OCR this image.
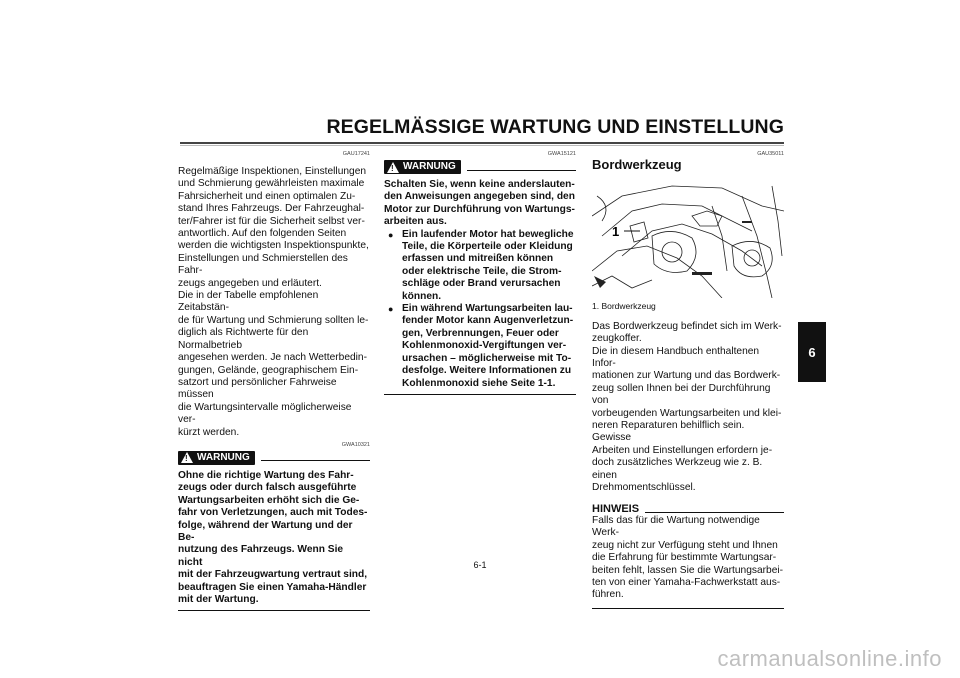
REGELMÄSSIGE WARTUNG UND EINSTELLUNG
GAU17241

Regelmäßige Inspektionen, Einstellungen

und Schmierung gewährleisten maximale

Fahrsicherheit und einen optimalen Zu-

stand Ihres Fahrzeugs. Der Fahrzeughal-

ter/Fahrer ist für die Sicherheit selbst ver-

antwortlich. Auf den folgenden Seiten

werden die wichtigsten Inspektionspunkte,

Einstellungen und Schmierstellen des Fahr-

zeugs angegeben und erläutert.

Die in der Tabelle empfohlenen Zeitabstän-

de für Wartung und Schmierung sollten le-

diglich als Richtwerte für den Normalbetrieb

angesehen werden. Je nach Wetterbedin-

gungen, Gelände, geographischem Ein-

satzort und persönlicher Fahrweise müssen

die Wartungsintervalle möglicherweise ver-

kürzt werden.

GWA10321
!
WARNUNG

Ohne die richtige Wartung des Fahr-

zeugs oder durch falsch ausgeführte

Wartungsarbeiten erhöht sich die Ge-

fahr von Verletzungen, auch mit Todes-

folge, während der Wartung und der Be-

nutzung des Fahrzeugs. Wenn Sie nicht

mit der Fahrzeugwartung vertraut sind,

beauftragen Sie einen Yamaha-Händler

mit der Wartung.

GWA15121
!
WARNUNG

Schalten Sie, wenn keine anderslauten-

den Anweisungen angegeben sind, den

Motor zur Durchführung von Wartungs-

arbeiten aus.

● Ein laufender Motor hat bewegliche
Teile, die Körperteile oder Kleidung
erfassen und mitreißen können
oder elektrische Teile, die Strom-
schläge oder Brand verursachen
können.
● Ein während Wartungsarbeiten lau-
fender Motor kann Augenverletzun-
gen, Verbrennungen, Feuer oder
Kohlenmonoxid-Vergiftungen ver-
ursachen – möglicherweise mit To-
desfolge. Weitere Informationen zu
Kohlenmonoxid siehe Seite 1-1.
GAU35011
Bordwerkzeug
1
1. Bordwerkzeug

Das Bordwerkzeug befindet sich im Werk-

zeugkoffer.

Die in diesem Handbuch enthaltenen Infor-

mationen zur Wartung und das Bordwerk-

zeug sollen Ihnen bei der Durchführung von

vorbeugenden Wartungsarbeiten und klei-

neren Reparaturen behilflich sein. Gewisse

Arbeiten und Einstellungen erfordern je-

doch zusätzliches Werkzeug wie z. B. einen

Drehmomentschlüssel.

HINWEIS

Falls das für die Wartung notwendige Werk-

zeug nicht zur Verfügung steht und Ihnen

die Erfahrung für bestimmte Wartungsar-

beiten fehlt, lassen Sie die Wartungsarbei-

ten von einer Yamaha-Fachwerkstatt aus-

führen.

6
6-1
carmanualsonline.info
